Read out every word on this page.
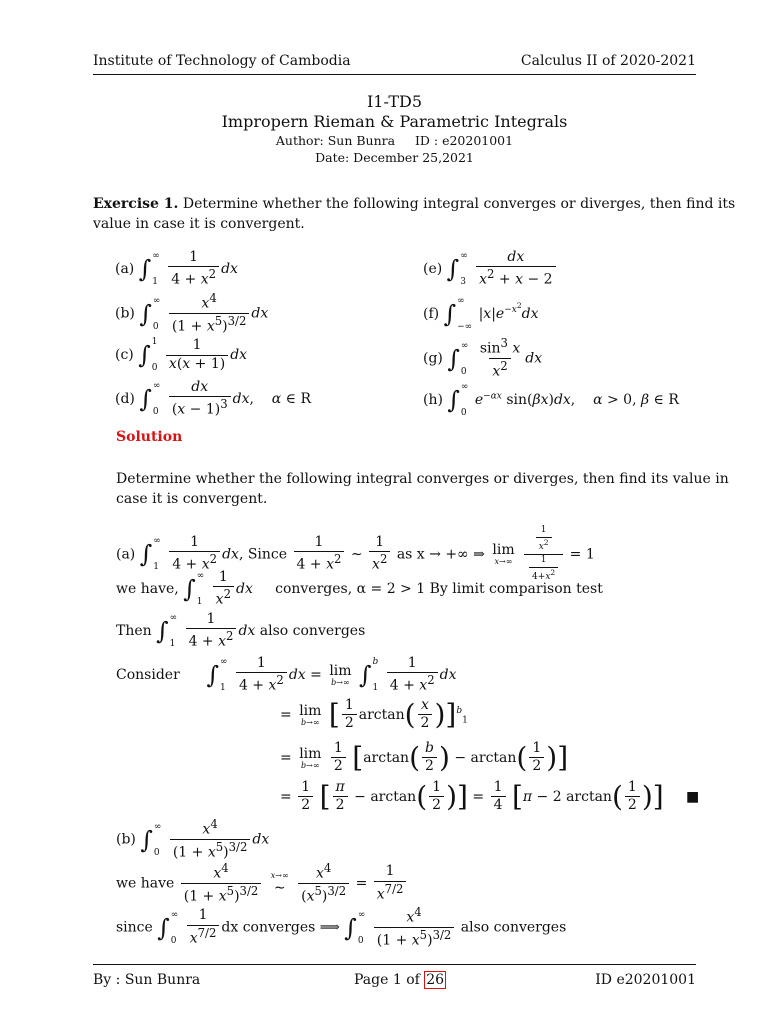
Institute of Technology of Cambodia	Calculus II of 2020-2021
I1-TD5
Impropern Rieman & Parametric Integrals
Author: Sun Bunra     ID : e20201001
Date: December 25,2021
Exercise 1. Determine whether the following integral converges or diverges, then find its
value in case it is convergent.
(a) ∫ ∞
1
$\frac{1}{4 + x^2}$ dx
(b) ∫ ∞
0
$\frac{x^4}{(1 + x^5)^{3/2}}$ dx
(c) ∫ 1
0
$\frac{1}{x(x + 1)}$ dx
(d) ∫ ∞
0
$\frac{dx}{(x - 1)^3}$ dx,    α ∈ R
(e) ∫ ∞
3
$\frac{dx}{x^2 + x - 2}$
(f) ∫ ∞
−∞
$|x|e^{-x^2}dx$
(g) ∫ ∞
0
$\frac{\sin^3 x}{x^2}$ dx
(h) ∫ ∞
0
$e^{-\alpha x}$ sin(βx)dx,    α > 0, β ∈ R
Solution
Determine whether the following integral converges or diverges, then find its value in
case it is convergent.
(a) ∫ ∞
1
$\frac{1}{4 + x^2}$ dx, Since $\frac{1}{4 + x^2}$ ∼ $\frac{1}{x^2}$ as x → +∞ ⇒ lim
x→∞
$\frac{\frac{1}{x^2}}{\frac{1}{4+x^2}} = 1$
we have, ∫ ∞
1
$\frac{1}{x^2}$ dx converges, α = 2 > 1 By limit comparison test
Then ∫ ∞
1
$\frac{1}{4 + x^2}$ dx also converges
Consider ∫ ∞
1
$\frac{1}{4 + x^2}$ dx = lim
b→∞
∫ b
1
$\frac{1}{4 + x^2}$ dx
= lim
b→∞ [ $\frac{1}{2} \arctan( \frac{x}{2} )]^b_1$
= lim
b→∞
$\frac{1}{2} [\arctan( \frac{b}{2}$ ) − $\arctan( \frac{1}{2}$ )]
= $\frac{1}{2}$ [ $\frac{\pi}{2} - \arctan( \frac{1}{2}$ )] = $\frac{1}{4} [\pi - 2$ $\arctan( \frac{1}{2}$ )] ■
(b) ∫ ∞
0
$\frac{x^4}{(1 + x^5)^{3/2}}$ dx
we have $\frac{x^4}{(1 + x^5)^{3/2}}$
x→∞
∼
$\frac{x^4}{(x^5)^{3/2}} = \frac{1}{x^{7/2}}$
since ∫ ∞
0
$\frac{1}{x^{7/2}}$ dx converges ⟹ ∫ ∞
0
$\frac{x^4}{(1 + x^5)^{3/2}}$ also converges
By : Sun Bunra	Page 1 of 26	ID e20201001
